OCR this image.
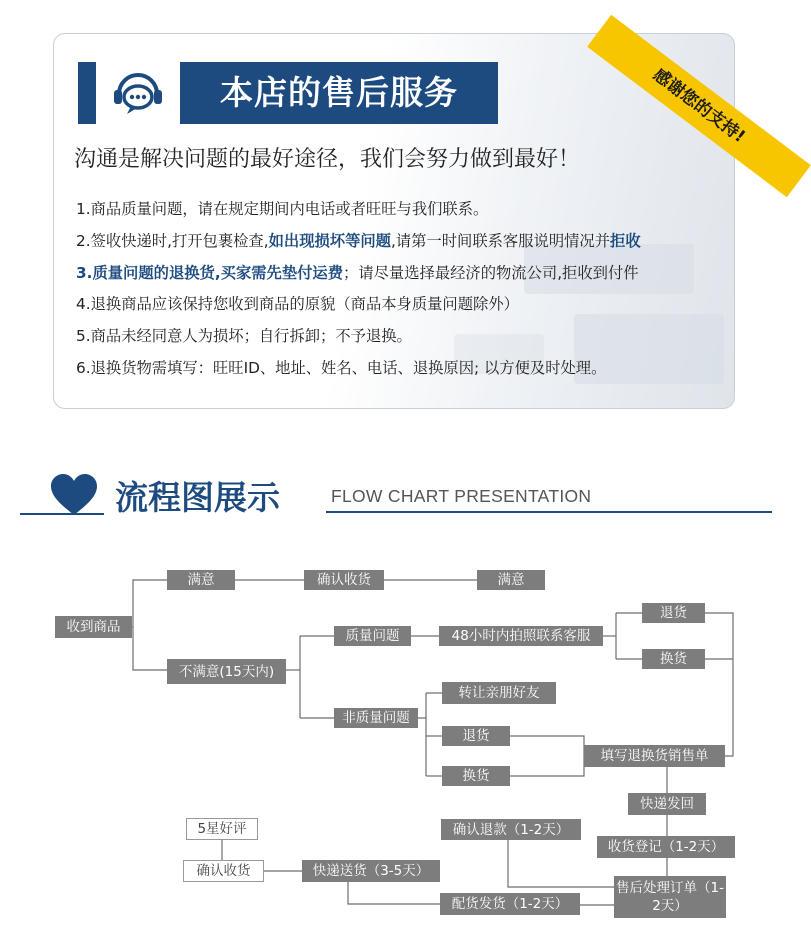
本店的售后服务	感谢您的支持!
沟通是解决问题的最好途径，我们会努力做到最好！
1.商品质量问题，请在规定期间内电话或者旺旺与我们联系。
2.签收快递时,打开包裹检查,如出现损坏等问题,请第一时间联系客服说明情况并拒收
3.质量问题的退换货,买家需先垫付运费；请尽量选择最经济的物流公司,拒收到付件
4.退换商品应该保持您收到商品的原貌（商品本身质量问题除外）
5.商品未经同意人为损坏；自行拆卸；不予退换。
6.退换货物需填写：旺旺ID、地址、姓名、电话、退换原因; 以方便及时处理。
流程图展示	FLOW CHART PRESENTATION
收到商品
满意	确认收货	满意
不满意(15天内)
质量问题	48小时内拍照联系客服
退货
换货
非质量问题
转让亲朋好友
退货
换货
填写退换货销售单
快递发回
收货登记（1-2天）
确认退款（1-2天）
售后处理订单（1-2天）
5星好评
确认收货	快递送货（3-5天）
配货发货（1-2天）
